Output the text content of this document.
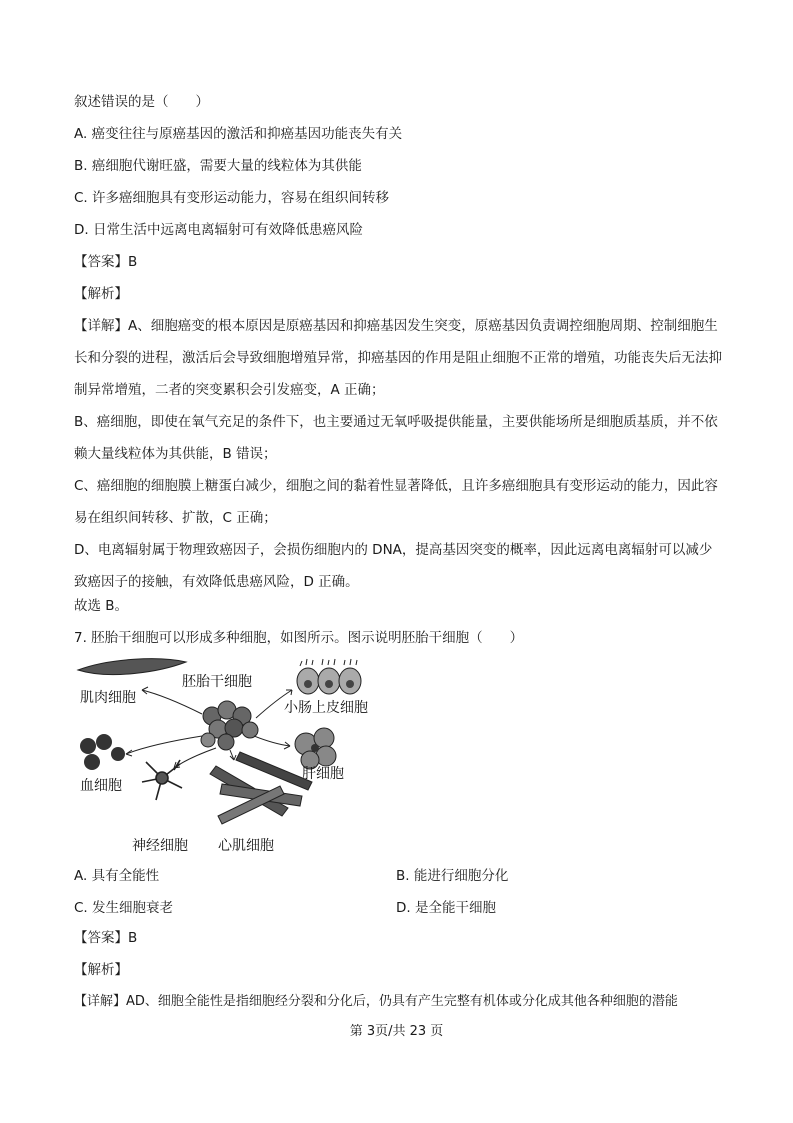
叙述错误的是（　　）
A. 癌变往往与原癌基因的激活和抑癌基因功能丧失有关
B. 癌细胞代谢旺盛，需要大量的线粒体为其供能
C. 许多癌细胞具有变形运动能力，容易在组织间转移
D. 日常生活中远离电离辐射可有效降低患癌风险
【答案】B
【解析】
【详解】A、细胞癌变的根本原因是原癌基因和抑癌基因发生突变，原癌基因负责调控细胞周期、控制细胞生长和分裂的进程，激活后会导致细胞增殖异常，抑癌基因的作用是阻止细胞不正常的增殖，功能丧失后无法抑制异常增殖，二者的突变累积会引发癌变，A 正确；
B、癌细胞，即使在氧气充足的条件下，也主要通过无氧呼吸提供能量，主要供能场所是细胞质基质，并不依赖大量线粒体为其供能，B 错误；
C、癌细胞的细胞膜上糖蛋白减少，细胞之间的黏着性显著降低，且许多癌细胞具有变形运动的能力，因此容易在组织间转移、扩散，C 正确；
D、电离辐射属于物理致癌因子，会损伤细胞内的 DNA，提高基因突变的概率，因此远离电离辐射可以减少致癌因子的接触，有效降低患癌风险，D 正确。
故选 B。
7. 胚胎干细胞可以形成多种细胞，如图所示。图示说明胚胎干细胞（　　）
肌肉细胞
胚胎干细胞
小肠上皮细胞
血细胞
肝细胞
神经细胞 心肌细胞
A. 具有全能性	B. 能进行细胞分化
C. 发生细胞衰老	D. 是全能干细胞
【答案】B
【解析】
【详解】AD、细胞全能性是指细胞经分裂和分化后，仍具有产生完整有机体或分化成其他各种细胞的潜能
第 3页/共 23 页
